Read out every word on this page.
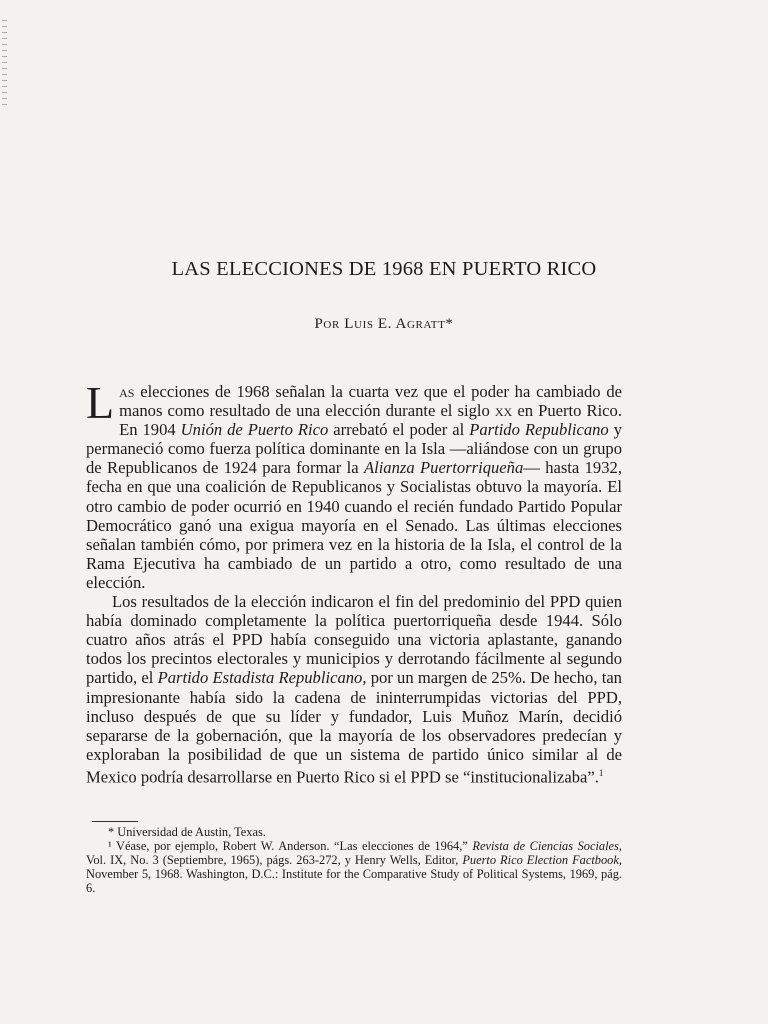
LAS ELECCIONES DE 1968 EN PUERTO RICO
Por Luis E. Agratt*

Las elecciones de 1968 señalan la cuarta vez que el poder ha cambiado de manos como resultado de una elección durante el siglo xx en Puerto Rico. En 1904 Unión de Puerto Rico arrebató el poder al Partido Republicano y permaneció como fuerza política dominante en la Isla —aliándose con un grupo de Republicanos de 1924 para formar la Alianza Puertorriqueña— hasta 1932, fecha en que una coalición de Republicanos y Socialistas obtuvo la mayoría. El otro cambio de poder ocurrió en 1940 cuando el recién fundado Partido Popular Democrático ganó una exigua mayoría en el Senado. Las últimas elecciones señalan también cómo, por primera vez en la historia de la Isla, el control de la Rama Ejecutiva ha cambiado de un partido a otro, como resultado de una elección.

Los resultados de la elección indicaron el fin del predominio del PPD quien había dominado completamente la política puertorriqueña desde 1944. Sólo cuatro años atrás el PPD había conseguido una victoria aplastante, ganando todos los precintos electorales y municipios y derrotando fácilmente al segundo partido, el Partido Estadista Republicano, por un margen de 25%. De hecho, tan impresionante había sido la cadena de ininterrumpidas victorias del PPD, incluso después de que su líder y fundador, Luis Muñoz Marín, decidió separarse de la gobernación, que la mayoría de los observadores predecían y exploraban la posibilidad de que un sistema de partido único similar al de Mexico podría desarrollarse en Puerto Rico si el PPD se “institucionalizaba”.$^1$

* Universidad de Austin, Texas.

¹ Véase, por ejemplo, Robert W. Anderson. “Las elecciones de 1964,” Revista de Ciencias Sociales, Vol. IX, No. 3 (Septiembre, 1965), págs. 263-272, y Henry Wells, Editor, Puerto Rico Election Factbook, November 5, 1968. Washington, D.C.: Institute for the Comparative Study of Political Systems, 1969, pág. 6.
